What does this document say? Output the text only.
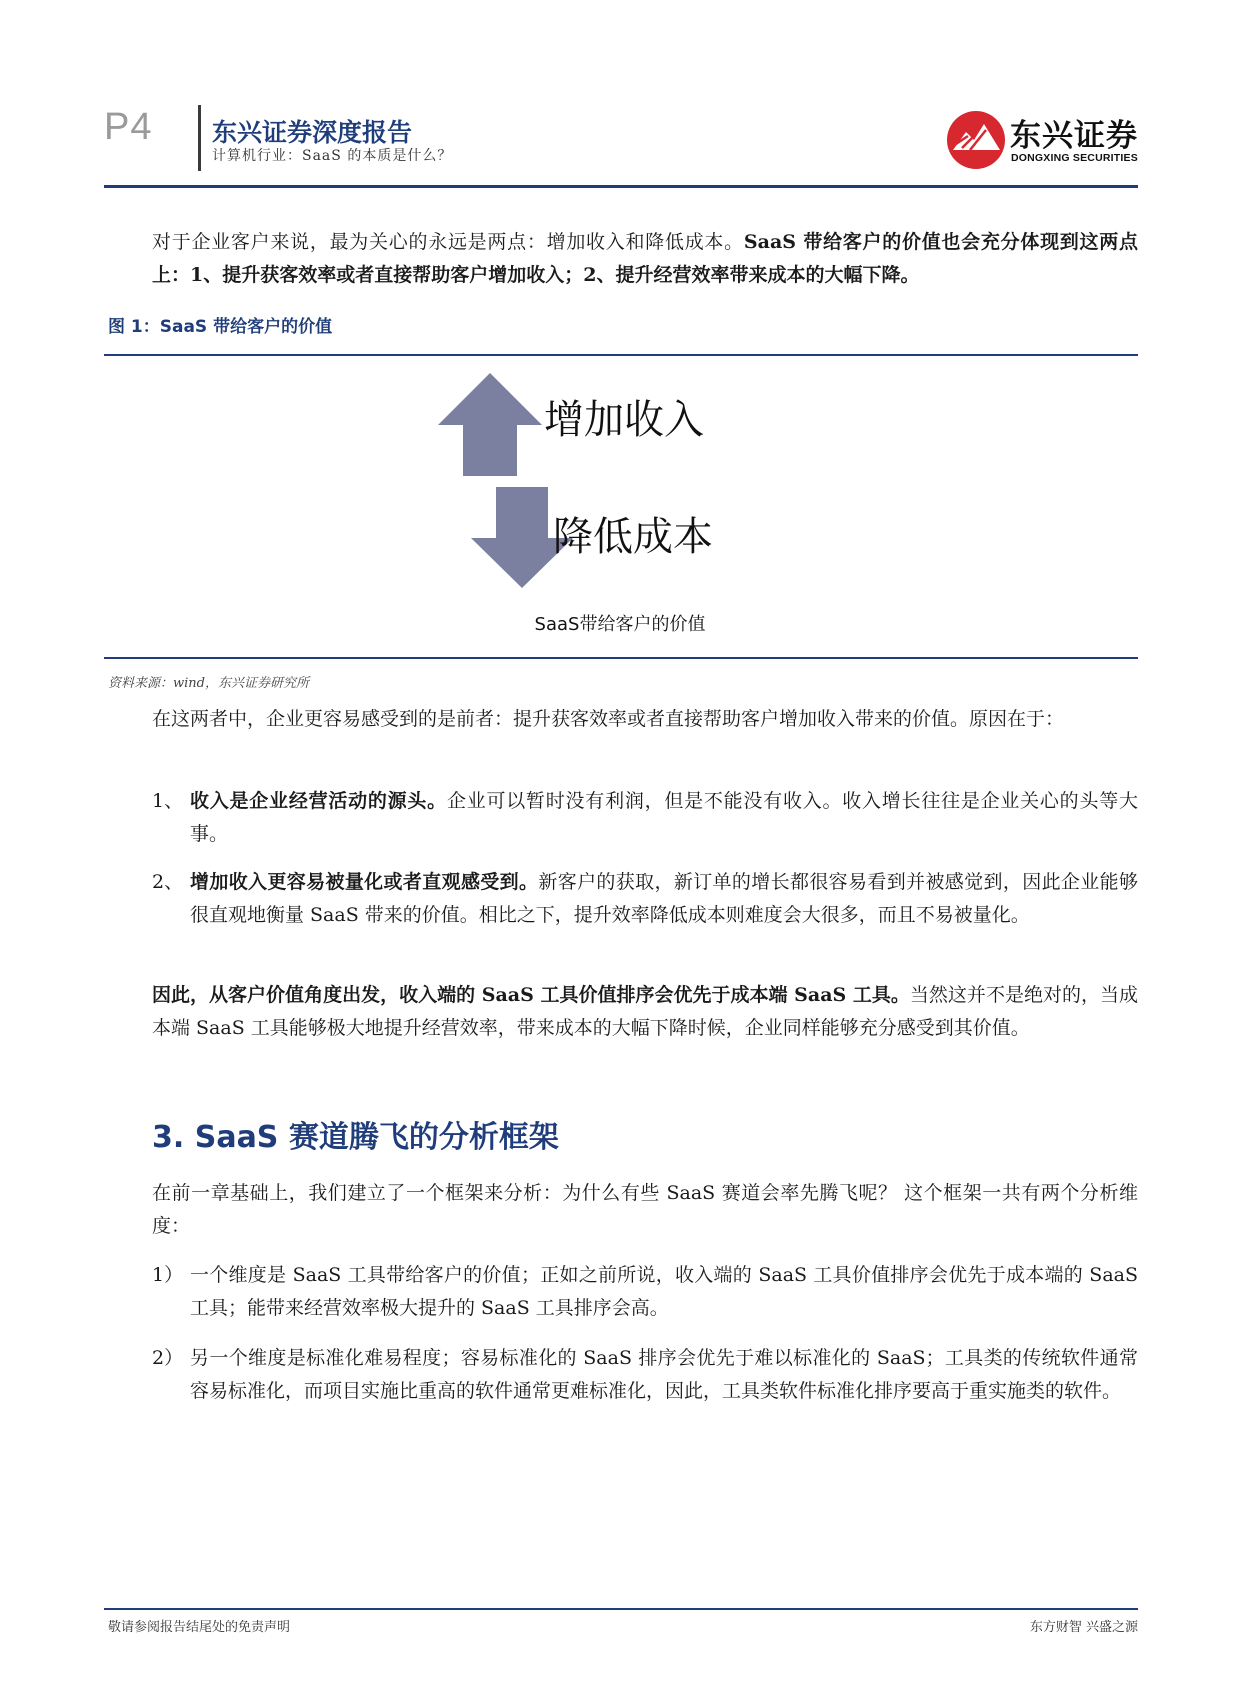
P4 东兴证券深度报告
计算机行业：SaaS 的本质是什么？
东兴证券
DONGXING SECURITIES
对于企业客户来说，最为关心的永远是两点：增加收入和降低成本。SaaS 带给客户的价值也会充分体现到这两点上：1、提升获客效率或者直接帮助客户增加收入；2、提升经营效率带来成本的大幅下降。
图 1：SaaS 带给客户的价值
增加收入
降低成本
SaaS带给客户的价值
资料来源：wind，东兴证券研究所
在这两者中，企业更容易感受到的是前者：提升获客效率或者直接帮助客户增加收入带来的价值。原因在于：
1、 收入是企业经营活动的源头。企业可以暂时没有利润，但是不能没有收入。收入增长往往是企业关心的头等大事。
2、 增加收入更容易被量化或者直观感受到。新客户的获取，新订单的增长都很容易看到并被感觉到，因此企业能够很直观地衡量 SaaS 带来的价值。相比之下，提升效率降低成本则难度会大很多，而且不易被量化。
因此，从客户价值角度出发，收入端的 SaaS 工具价值排序会优先于成本端 SaaS 工具。当然这并不是绝对的，当成本端 SaaS 工具能够极大地提升经营效率，带来成本的大幅下降时候，企业同样能够充分感受到其价值。
3. SaaS 赛道腾飞的分析框架
在前一章基础上，我们建立了一个框架来分析：为什么有些 SaaS 赛道会率先腾飞呢？ 这个框架一共有两个分析维度：
1） 一个维度是 SaaS 工具带给客户的价值；正如之前所说，收入端的 SaaS 工具价值排序会优先于成本端的 SaaS 工具；能带来经营效率极大提升的 SaaS 工具排序会高。
2） 另一个维度是标准化难易程度；容易标准化的 SaaS 排序会优先于难以标准化的 SaaS；工具类的传统软件通常容易标准化，而项目实施比重高的软件通常更难标准化，因此，工具类软件标准化排序要高于重实施类的软件。
敬请参阅报告结尾处的免责声明	东方财智 兴盛之源
